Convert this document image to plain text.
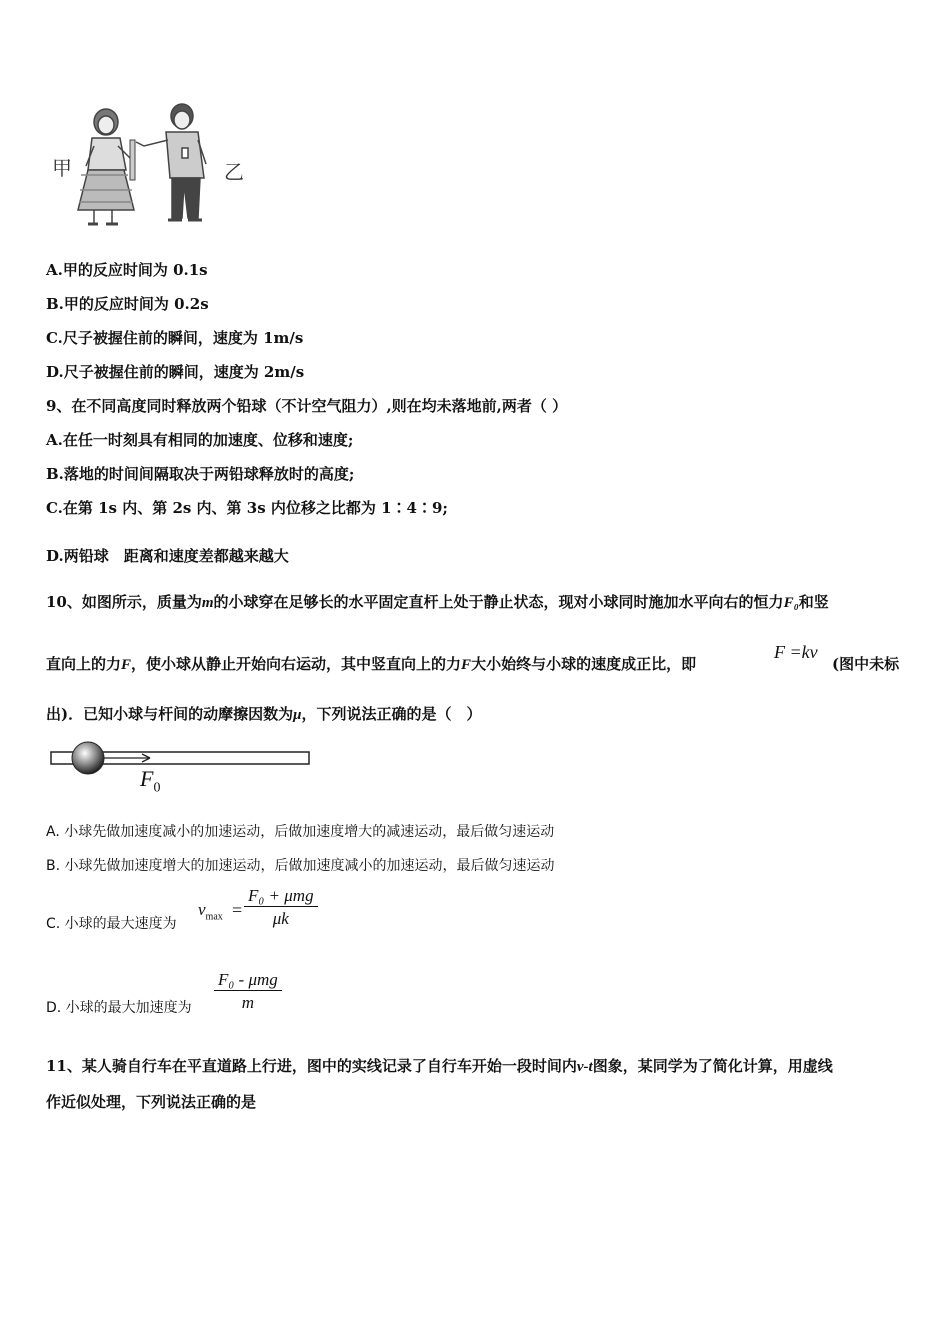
甲	乙
A.甲的反应时间为 0.1s
B.甲的反应时间为 0.2s
C.尺子被握住前的瞬间，速度为 1m/s
D.尺子被握住前的瞬间，速度为 2m/s
9、在不同高度同时释放两个铅球（不计空气阻力）,则在均未落地前,两者（ ）
A.在任一时刻具有相同的加速度、位移和速度;
B.落地的时间间隔取决于两铅球释放时的高度;
C.在第 1s 内、第 2s 内、第 3s 内位移之比都为 1∶4∶9;
D.两铅球　距离和速度差都越来越大
10、如图所示，质量为m的小球穿在足够长的水平固定直杆上处于静止状态，现对小球同时施加水平向右的恒力F₀和竖
直向上的力F，使小球从静止开始向右运动，其中竖直向上的力F大小始终与小球的速度成正比，即
F =kv
(图中未标
出)．已知小球与杆间的动摩擦因数为μ，下列说法正确的是（　）
$F_0$
A. 小球先做加速度减小的加速运动，后做加速度增大的减速运动，最后做匀速运动
B. 小球先做加速度增大的加速运动，后做加速度减小的加速运动，最后做匀速运动
C. 小球的最大速度为
$v_{max}$ =
F₀ + μmg
μk
D. 小球的最大加速度为
F₀ - μmg
m
11、某人骑自行车在平直道路上行进，图中的实线记录了自行车开始一段时间内v-t图象，某同学为了简化计算，用虚线
作近似处理，下列说法正确的是
